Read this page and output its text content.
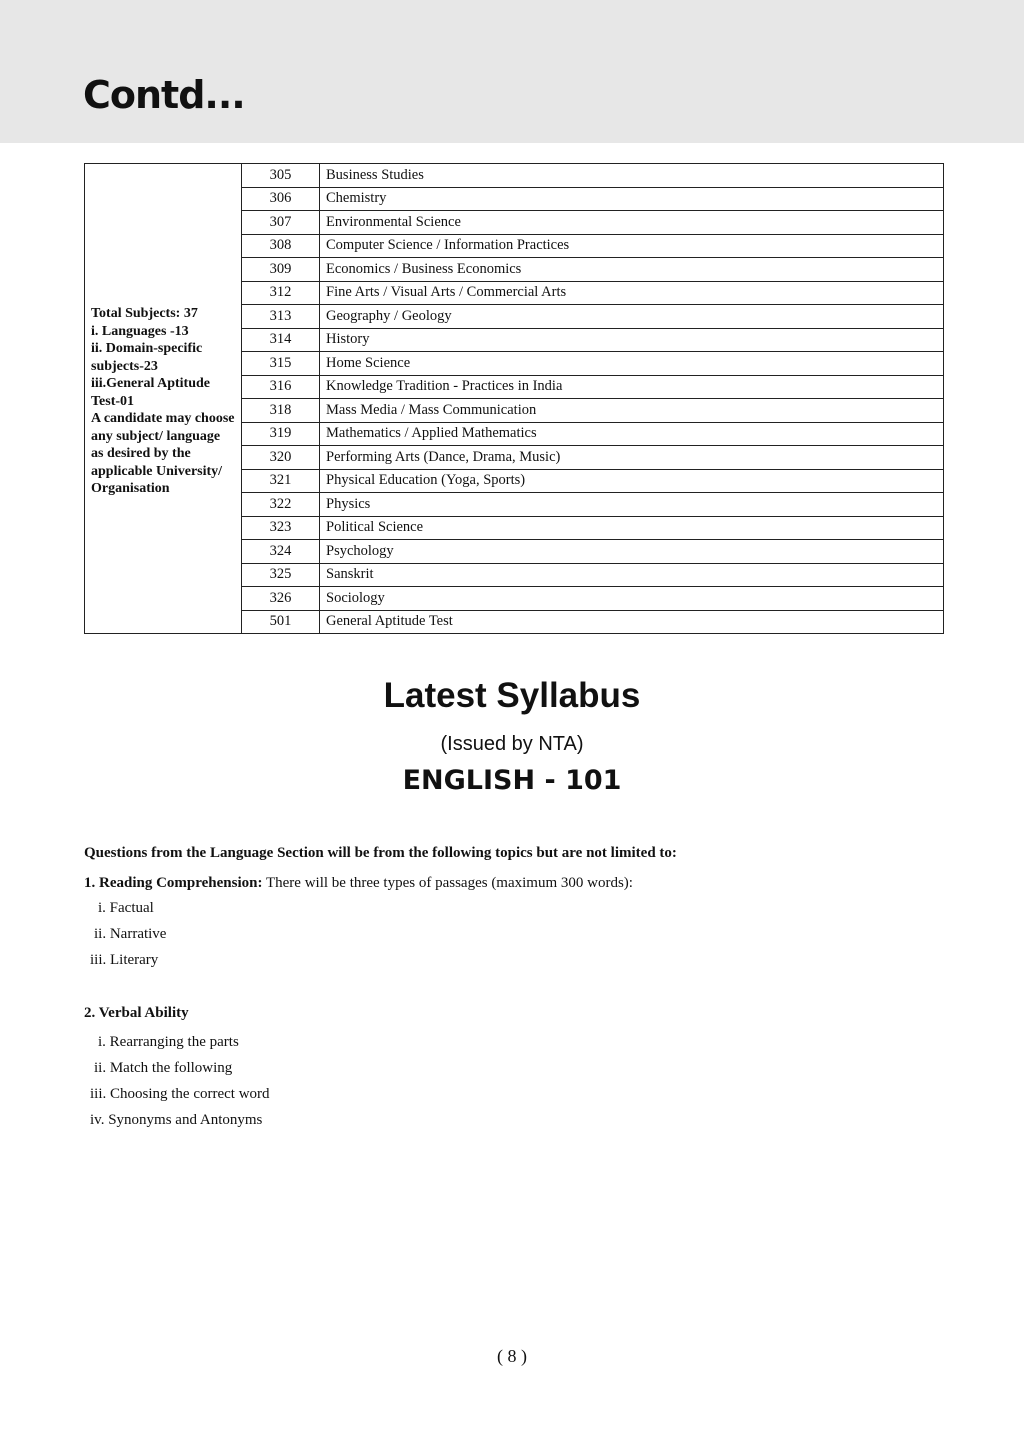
Contd...
Total Subjects: 37
i. Languages -13
ii. Domain-specific subjects-23
iii.General Aptitude Test-01
A candidate may choose any subject/ language as desired by the applicable University/ Organisation	305	Business Studies
	306	Chemistry
	307	Environmental Science
	308	Computer Science / Information Practices
	309	Economics / Business Economics
	312	Fine Arts / Visual Arts / Commercial Arts
	313	Geography / Geology
	314	History
	315	Home Science
	316	Knowledge Tradition - Practices in India
	318	Mass Media / Mass Communication
	319	Mathematics / Applied Mathematics
	320	Performing Arts (Dance, Drama, Music)
	321	Physical Education (Yoga, Sports)
	322	Physics
	323	Political Science
	324	Psychology
	325	Sanskrit
	326	Sociology
	501	General Aptitude Test
Latest Syllabus
(Issued by NTA)
ENGLISH - 101
Questions from the Language Section will be from the following topics but are not limited to:
1. Reading Comprehension: There will be three types of passages (maximum 300 words):
i. Factual
ii. Narrative
iii. Literary
2. Verbal Ability
i. Rearranging the parts
ii. Match the following
iii. Choosing the correct word
iv. Synonyms and Antonyms
( 8 )
